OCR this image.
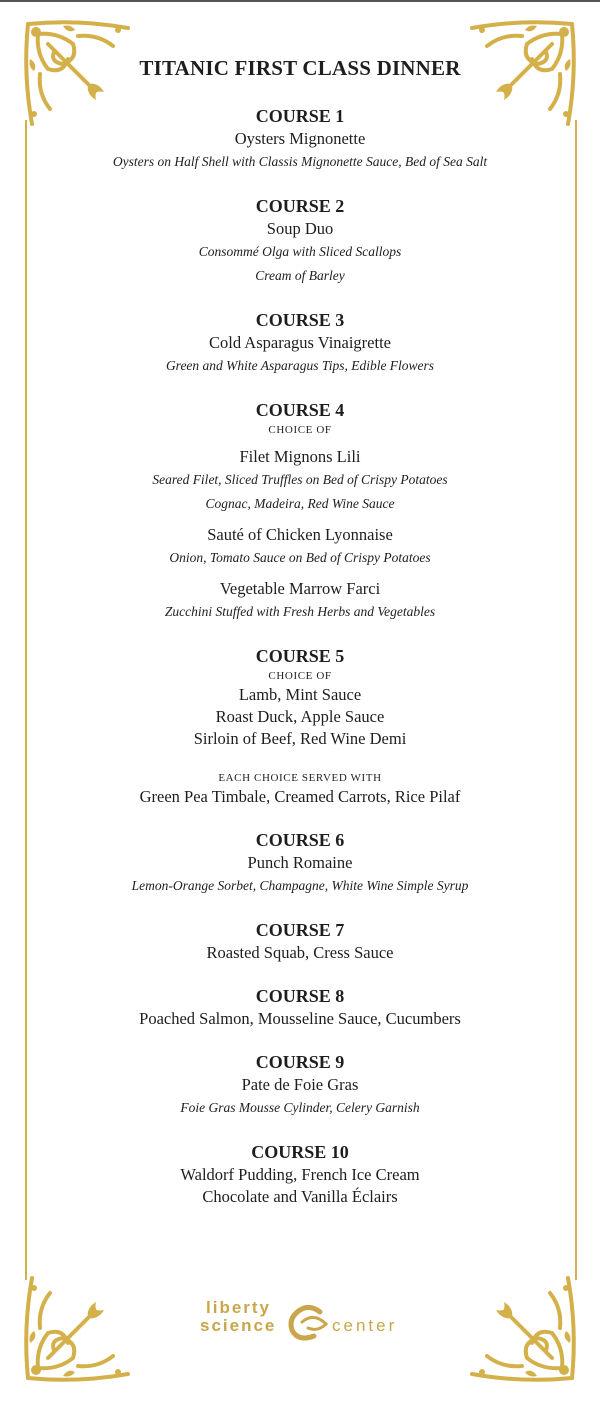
TITANIC FIRST CLASS DINNER
COURSE 1
Oysters Mignonette
Oysters on Half Shell with Classis Mignonette Sauce, Bed of Sea Salt
COURSE 2
Soup Duo
Consommé Olga with Sliced Scallops
Cream of Barley
COURSE 3
Cold Asparagus Vinaigrette
Green and White Asparagus Tips, Edible Flowers
COURSE 4
CHOICE OF
Filet Mignons Lili
Seared Filet, Sliced Truffles on Bed of Crispy Potatoes
Cognac, Madeira, Red Wine Sauce
Sauté of Chicken Lyonnaise
Onion, Tomato Sauce on Bed of Crispy Potatoes
Vegetable Marrow Farci
Zucchini Stuffed with Fresh Herbs and Vegetables
COURSE 5
CHOICE OF
Lamb, Mint Sauce
Roast Duck, Apple Sauce
Sirloin of Beef, Red Wine Demi
EACH CHOICE SERVED WITH
Green Pea Timbale, Creamed Carrots, Rice Pilaf
COURSE 6
Punch Romaine
Lemon-Orange Sorbet, Champagne, White Wine Simple Syrup
COURSE 7
Roasted Squab, Cress Sauce
COURSE 8
Poached Salmon, Mousseline Sauce, Cucumbers
COURSE 9
Pate de Foie Gras
Foie Gras Mousse Cylinder, Celery Garnish
COURSE 10
Waldorf Pudding, French Ice Cream
Chocolate and Vanilla Éclairs
liberty
science	center
